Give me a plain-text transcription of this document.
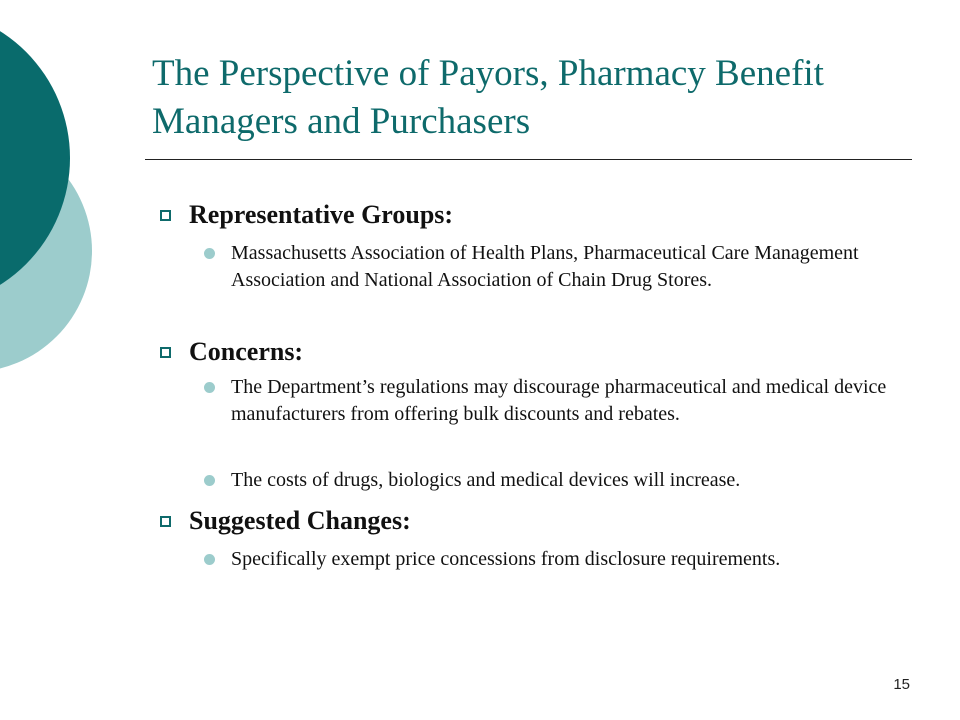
The Perspective of Payors, Pharmacy Benefit Managers and Purchasers
Representative Groups:
Massachusetts Association of Health Plans, Pharmaceutical Care Management Association and National Association of Chain Drug Stores.
Concerns:
The Department’s regulations may discourage pharmaceutical and medical device manufacturers from offering bulk discounts and rebates.
The costs of drugs, biologics and medical devices will increase.
Suggested Changes:
Specifically exempt price concessions from disclosure requirements.
15
